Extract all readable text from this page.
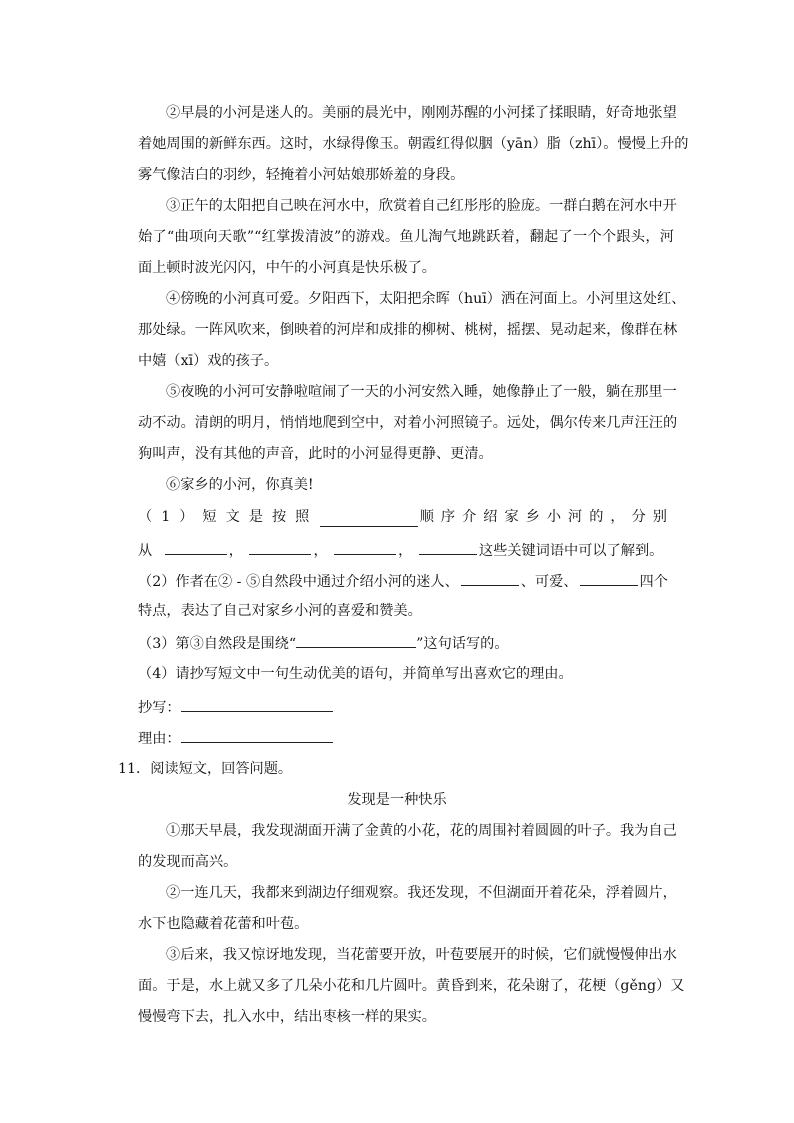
②早晨的小河是迷人的。美丽的晨光中，刚刚苏醒的小河揉了揉眼睛，好奇地张望
着她周围的新鲜东西。这时，水绿得像玉。朝霞红得似胭（yān）脂（zhī）。慢慢上升的
雾气像洁白的羽纱，轻掩着小河姑娘那娇羞的身段。
③正午的太阳把自己映在河水中，欣赏着自己红彤彤的脸庞。一群白鹅在河水中开
始了“曲项向天歌”“红掌拨清波”的游戏。鱼儿淘气地跳跃着，翻起了一个个跟头，河
面上顿时波光闪闪，中午的小河真是快乐极了。
④傍晚的小河真可爱。夕阳西下，太阳把余晖（huī）洒在河面上。小河里这处红、
那处绿。一阵风吹来，倒映着的河岸和成排的柳树、桃树，摇摆、晃动起来，像群在林
中嬉（xī）戏的孩子。
⑤夜晚的小河可安静啦喧闹了一天的小河安然入睡，她像静止了一般，躺在那里一
动不动。清朗的明月，悄悄地爬到空中，对着小河照镜子。远处，偶尔传来几声汪汪的
狗叫声，没有其他的声音，此时的小河显得更静、更清。
⑥家乡的小河，你真美!
（1）短文是按照	顺序介绍家乡小河的，分别
从	，	，	，	这些关键词语中可以了解到。
（2）作者在② - ⑤自然段中通过介绍小河的迷人、	、可爱、	四个
特点，表达了自己对家乡小河的喜爱和赞美。
（3）第③自然段是围绕“	”这句话写的。
（4）请抄写短文中一句生动优美的语句，并简单写出喜欢它的理由。
抄写：
理由：
11．阅读短文，回答问题。
发现是一种快乐
①那天早晨，我发现湖面开满了金黄的小花，花的周围衬着圆圆的叶子。我为自己
的发现而高兴。
②一连几天，我都来到湖边仔细观察。我还发现，不但湖面开着花朵，浮着圆片，
水下也隐藏着花蕾和叶苞。
③后来，我又惊讶地发现，当花蕾要开放，叶苞要展开的时候，它们就慢慢伸出水
面。于是，水上就又多了几朵小花和几片圆叶。黄昏到来，花朵谢了，花梗（gěng）又
慢慢弯下去，扎入水中，结出枣核一样的果实。
